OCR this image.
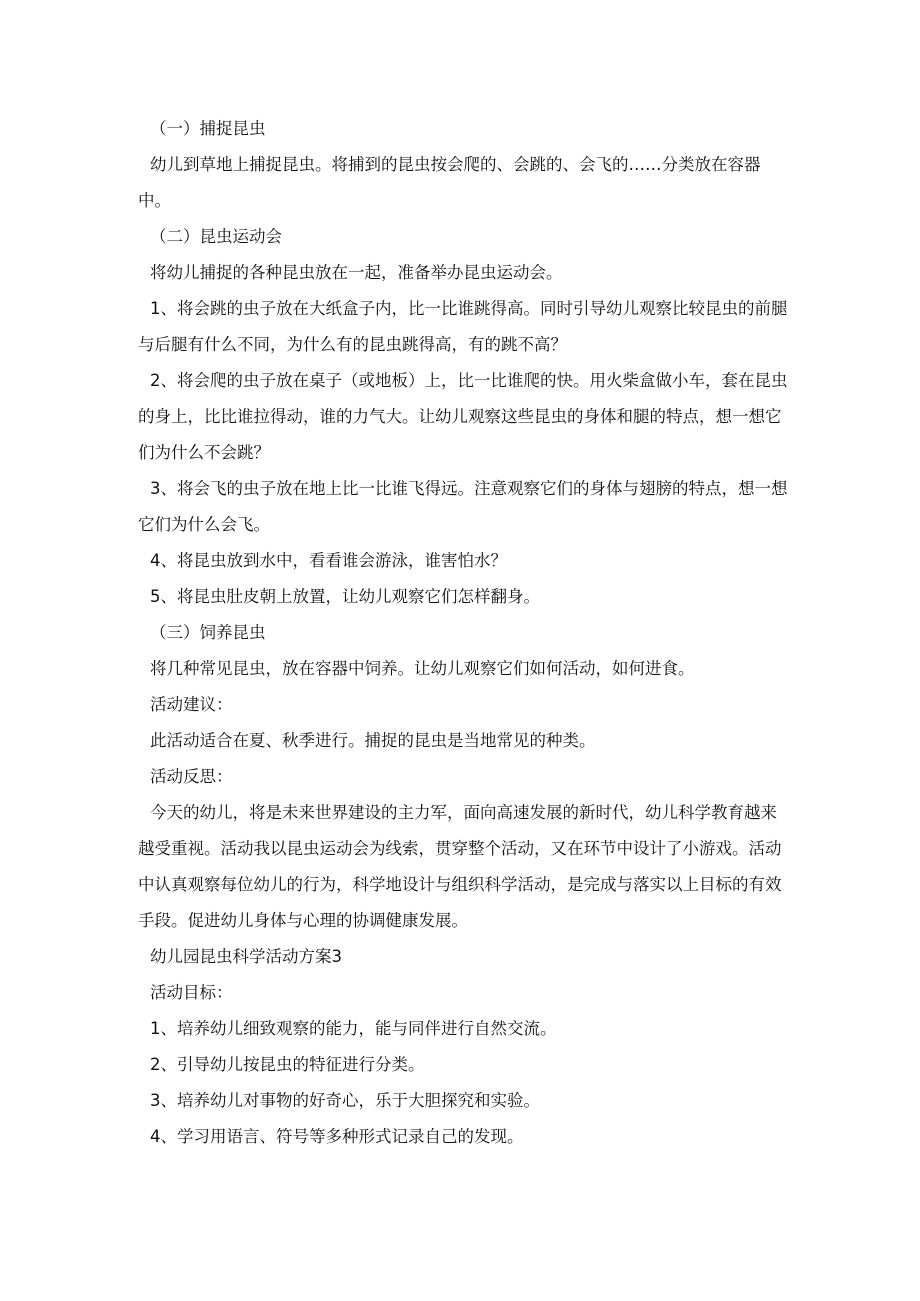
（一）捕捉昆虫

幼儿到草地上捕捉昆虫。将捕到的昆虫按会爬的、会跳的、会飞的……分类放在容器中。

（二）昆虫运动会

将幼儿捕捉的各种昆虫放在一起，准备举办昆虫运动会。

1、将会跳的虫子放在大纸盒子内，比一比谁跳得高。同时引导幼儿观察比较昆虫的前腿与后腿有什么不同，为什么有的昆虫跳得高，有的跳不高？

2、将会爬的虫子放在桌子（或地板）上，比一比谁爬的快。用火柴盒做小车，套在昆虫的身上，比比谁拉得动，谁的力气大。让幼儿观察这些昆虫的身体和腿的特点，想一想它们为什么不会跳？

3、将会飞的虫子放在地上比一比谁飞得远。注意观察它们的身体与翅膀的特点，想一想它们为什么会飞。

4、将昆虫放到水中，看看谁会游泳，谁害怕水？

5、将昆虫肚皮朝上放置，让幼儿观察它们怎样翻身。

（三）饲养昆虫

将几种常见昆虫，放在容器中饲养。让幼儿观察它们如何活动，如何进食。

活动建议：

此活动适合在夏、秋季进行。捕捉的昆虫是当地常见的种类。

活动反思：

今天的幼儿，将是未来世界建设的主力军，面向高速发展的新时代，幼儿科学教育越来越受重视。活动我以昆虫运动会为线索，贯穿整个活动，又在环节中设计了小游戏。活动中认真观察每位幼儿的行为，科学地设计与组织科学活动，是完成与落实以上目标的有效手段。促进幼儿身体与心理的协调健康发展。

幼儿园昆虫科学活动方案3

活动目标：

1、培养幼儿细致观察的能力，能与同伴进行自然交流。

2、引导幼儿按昆虫的特征进行分类。

3、培养幼儿对事物的好奇心，乐于大胆探究和实验。

4、学习用语言、符号等多种形式记录自己的发现。
